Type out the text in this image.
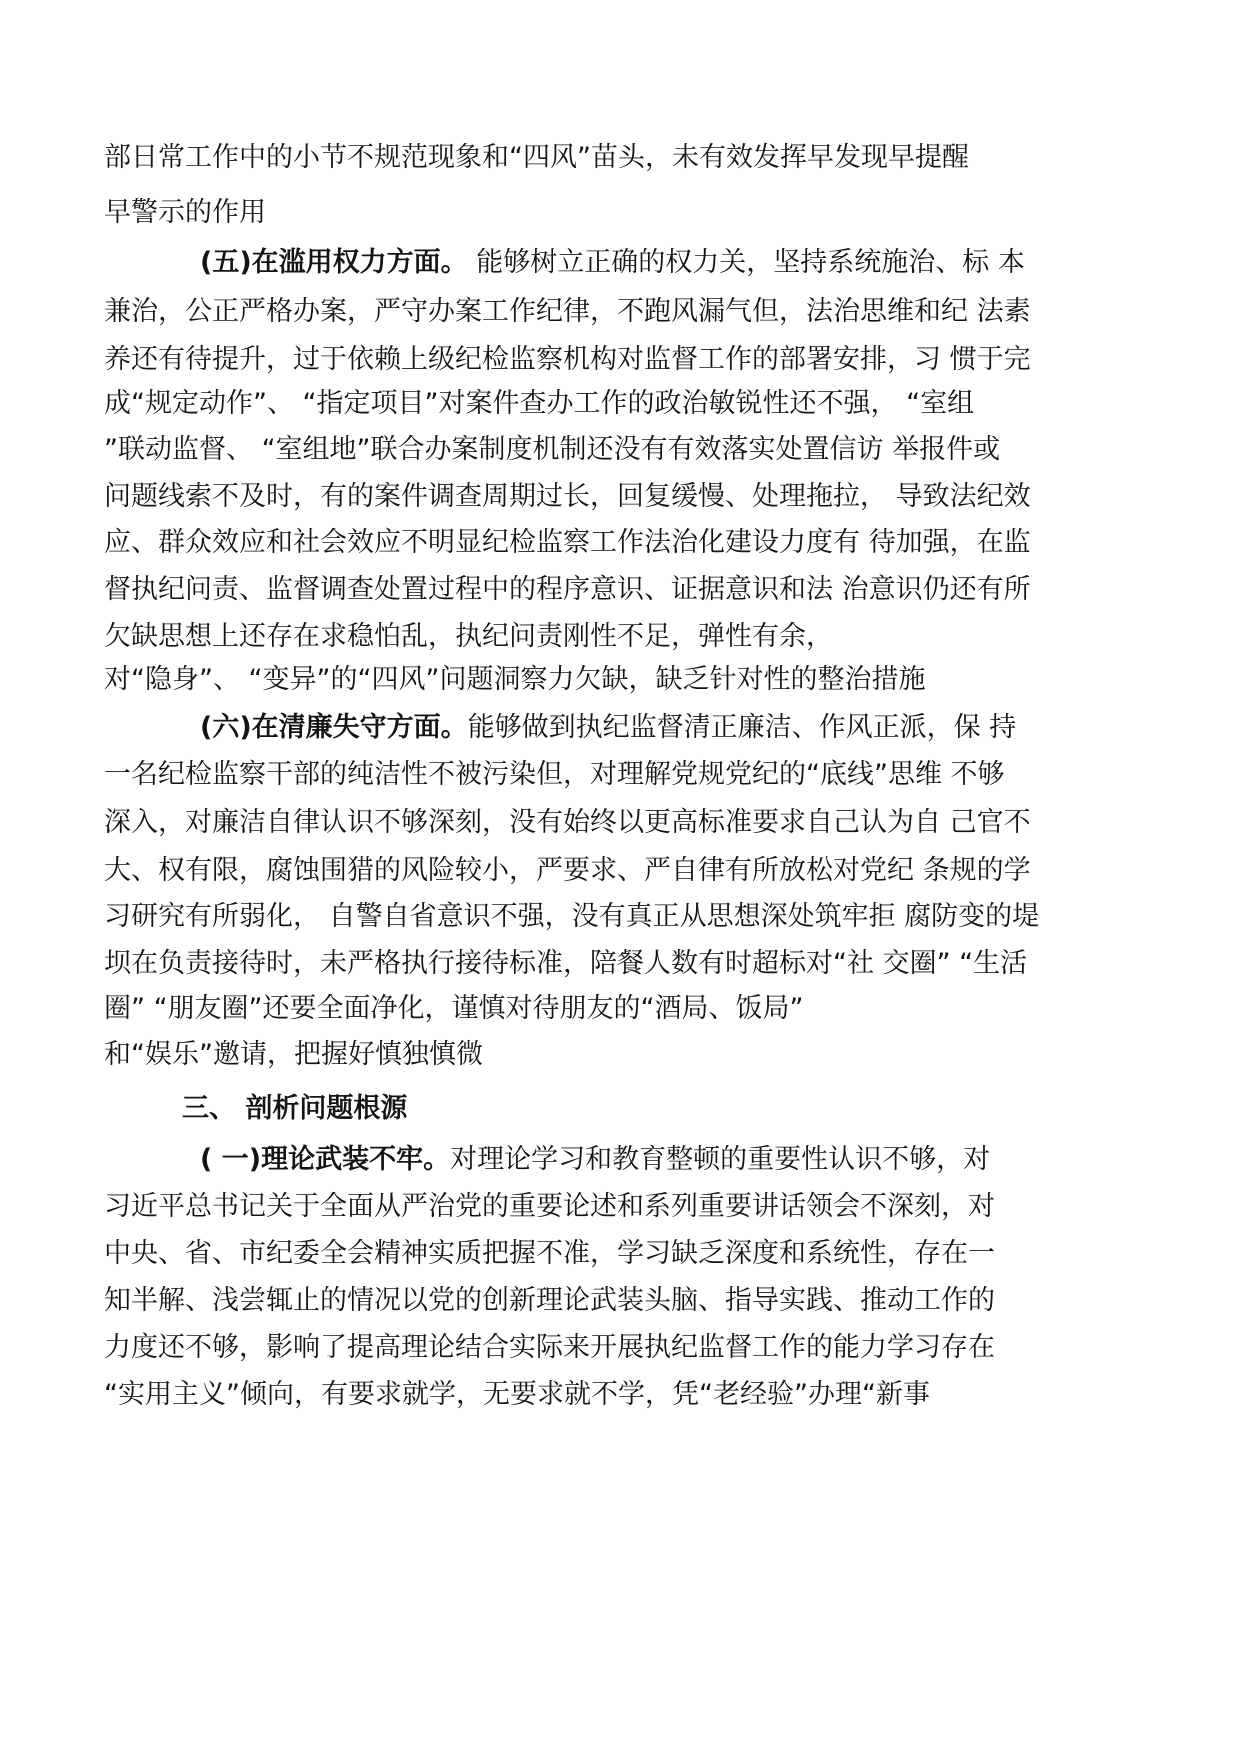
部日常工作中的小节不规范现象和“四风”苗头，未有效发挥早发现早提醒
早警示的作用
(五)在滥用权力方面。 能够树立正确的权力关，坚持系统施治、标 本
兼治，公正严格办案，严守办案工作纪律，不跑风漏气但，法治思维和纪 法素
养还有待提升，过于依赖上级纪检监察机构对监督工作的部署安排，习 惯于完
成“规定动作”、 “指定项目”对案件查办工作的政治敏锐性还不强， “室组
”联动监督、 “室组地”联合办案制度机制还没有有效落实处置信访 举报件或
问题线索不及时，有的案件调查周期过长，回复缓慢、处理拖拉， 导致法纪效
应、群众效应和社会效应不明显纪检监察工作法治化建设力度有 待加强，在监
督执纪问责、监督调查处置过程中的程序意识、证据意识和法 治意识仍还有所
欠缺思想上还存在求稳怕乱，执纪问责刚性不足，弹性有余，
对“隐身”、 “变异”的“四风”问题洞察力欠缺，缺乏针对性的整治措施
(六)在清廉失守方面。能够做到执纪监督清正廉洁、作风正派，保 持
一名纪检监察干部的纯洁性不被污染但，对理解党规党纪的“底线”思维 不够
深入，对廉洁自律认识不够深刻，没有始终以更高标准要求自己认为自 己官不
大、权有限，腐蚀围猎的风险较小，严要求、严自律有所放松对党纪 条规的学
习研究有所弱化， 自警自省意识不强，没有真正从思想深处筑牢拒 腐防变的堤
坝在负责接待时，未严格执行接待标准，陪餐人数有时超标对“社 交圈” “生活
圈” “朋友圈”还要全面净化，谨慎对待朋友的“酒局、饭局”
和“娱乐”邀请，把握好慎独慎微
三、 剖析问题根源
( 一)理论武装不牢。对理论学习和教育整顿的重要性认识不够，对
习近平总书记关于全面从严治党的重要论述和系列重要讲话领会不深刻，对
中央、省、市纪委全会精神实质把握不准，学习缺乏深度和系统性，存在一
知半解、浅尝辄止的情况以党的创新理论武装头脑、指导实践、推动工作的
力度还不够，影响了提高理论结合实际来开展执纪监督工作的能力学习存在
“实用主义”倾向，有要求就学，无要求就不学，凭“老经验”办理“新事
